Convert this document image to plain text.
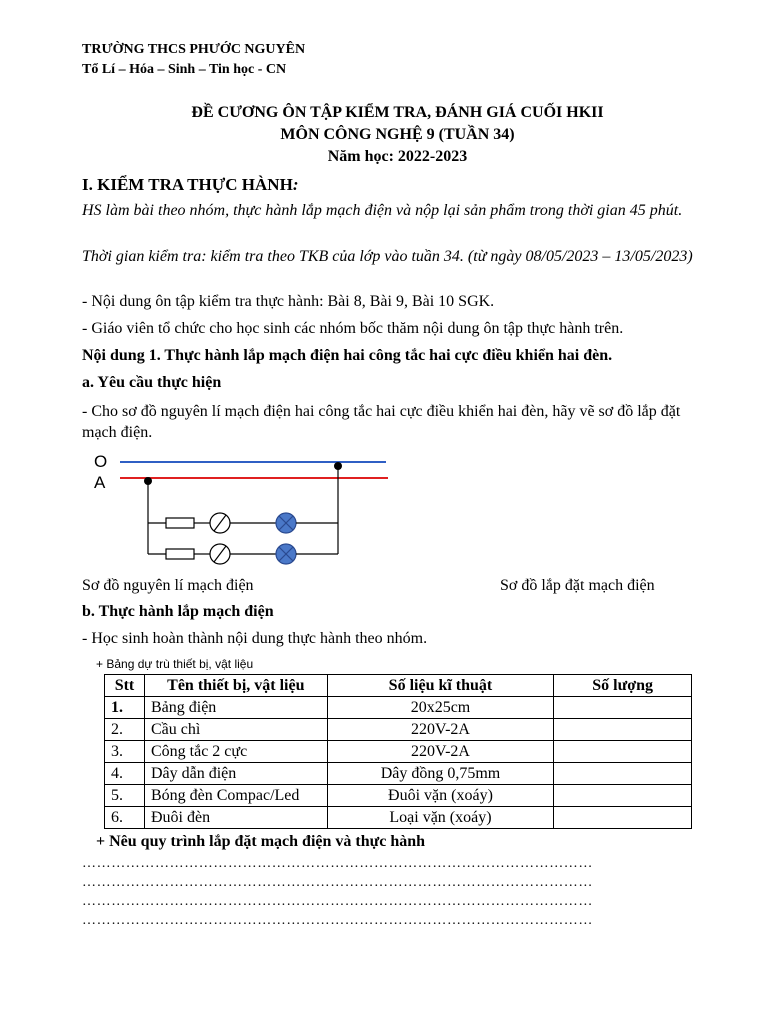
TRƯỜNG THCS PHƯỚC NGUYÊN
Tổ Lí – Hóa – Sinh – Tin học - CN
ĐỀ CƯƠNG ÔN TẬP KIỂM TRA, ĐÁNH GIÁ CUỐI HKII
MÔN CÔNG NGHỆ 9 (TUẦN 34)
Năm học: 2022-2023
I. KIỂM TRA THỰC HÀNH:
HS làm bài theo nhóm, thực hành lắp mạch điện và nộp lại sản phẩm trong thời gian 45 phút.
Thời gian kiểm tra: kiểm tra theo TKB của lớp vào tuần 34. (từ ngày 08/05/2023 – 13/05/2023)
- Nội dung ôn tập kiểm tra thực hành: Bài 8, Bài 9, Bài 10 SGK.
- Giáo viên tổ chức cho học sinh các nhóm bốc thăm nội dung ôn tập thực hành trên.
Nội dung 1. Thực hành lắp mạch điện hai công tắc hai cực điều khiển hai đèn.
a. Yêu cầu thực hiện
- Cho sơ đồ nguyên lí mạch điện hai công tắc hai cực điều khiển hai đèn, hãy vẽ sơ đồ lắp đặt mạch điện.
O
A
Sơ đồ nguyên lí mạch điện	Sơ đồ lắp đặt mạch điện
b. Thực hành lắp mạch điện
- Học sinh hoàn thành nội dung thực hành theo nhóm.
+ Bảng dự trù thiết bị, vật liệu
Stt	Tên thiết bị, vật liệu	Số liệu kĩ thuật	Số lượng
1.	Bảng điện	20x25cm	
2.	Cầu chì	220V-2A	
3.	Công tắc 2 cực	220V-2A	
4.	Dây dẫn điện	Dây đồng 0,75mm	
5.	Bóng đèn Compac/Led	Đuôi vặn (xoáy)	
6.	Đuôi đèn	Loại vặn (xoáy)	
+ Nêu quy trình lắp đặt mạch điện và thực hành
……………………………………………………………………………………………
……………………………………………………………………………………………
……………………………………………………………………………………………
……………………………………………………………………………………………
